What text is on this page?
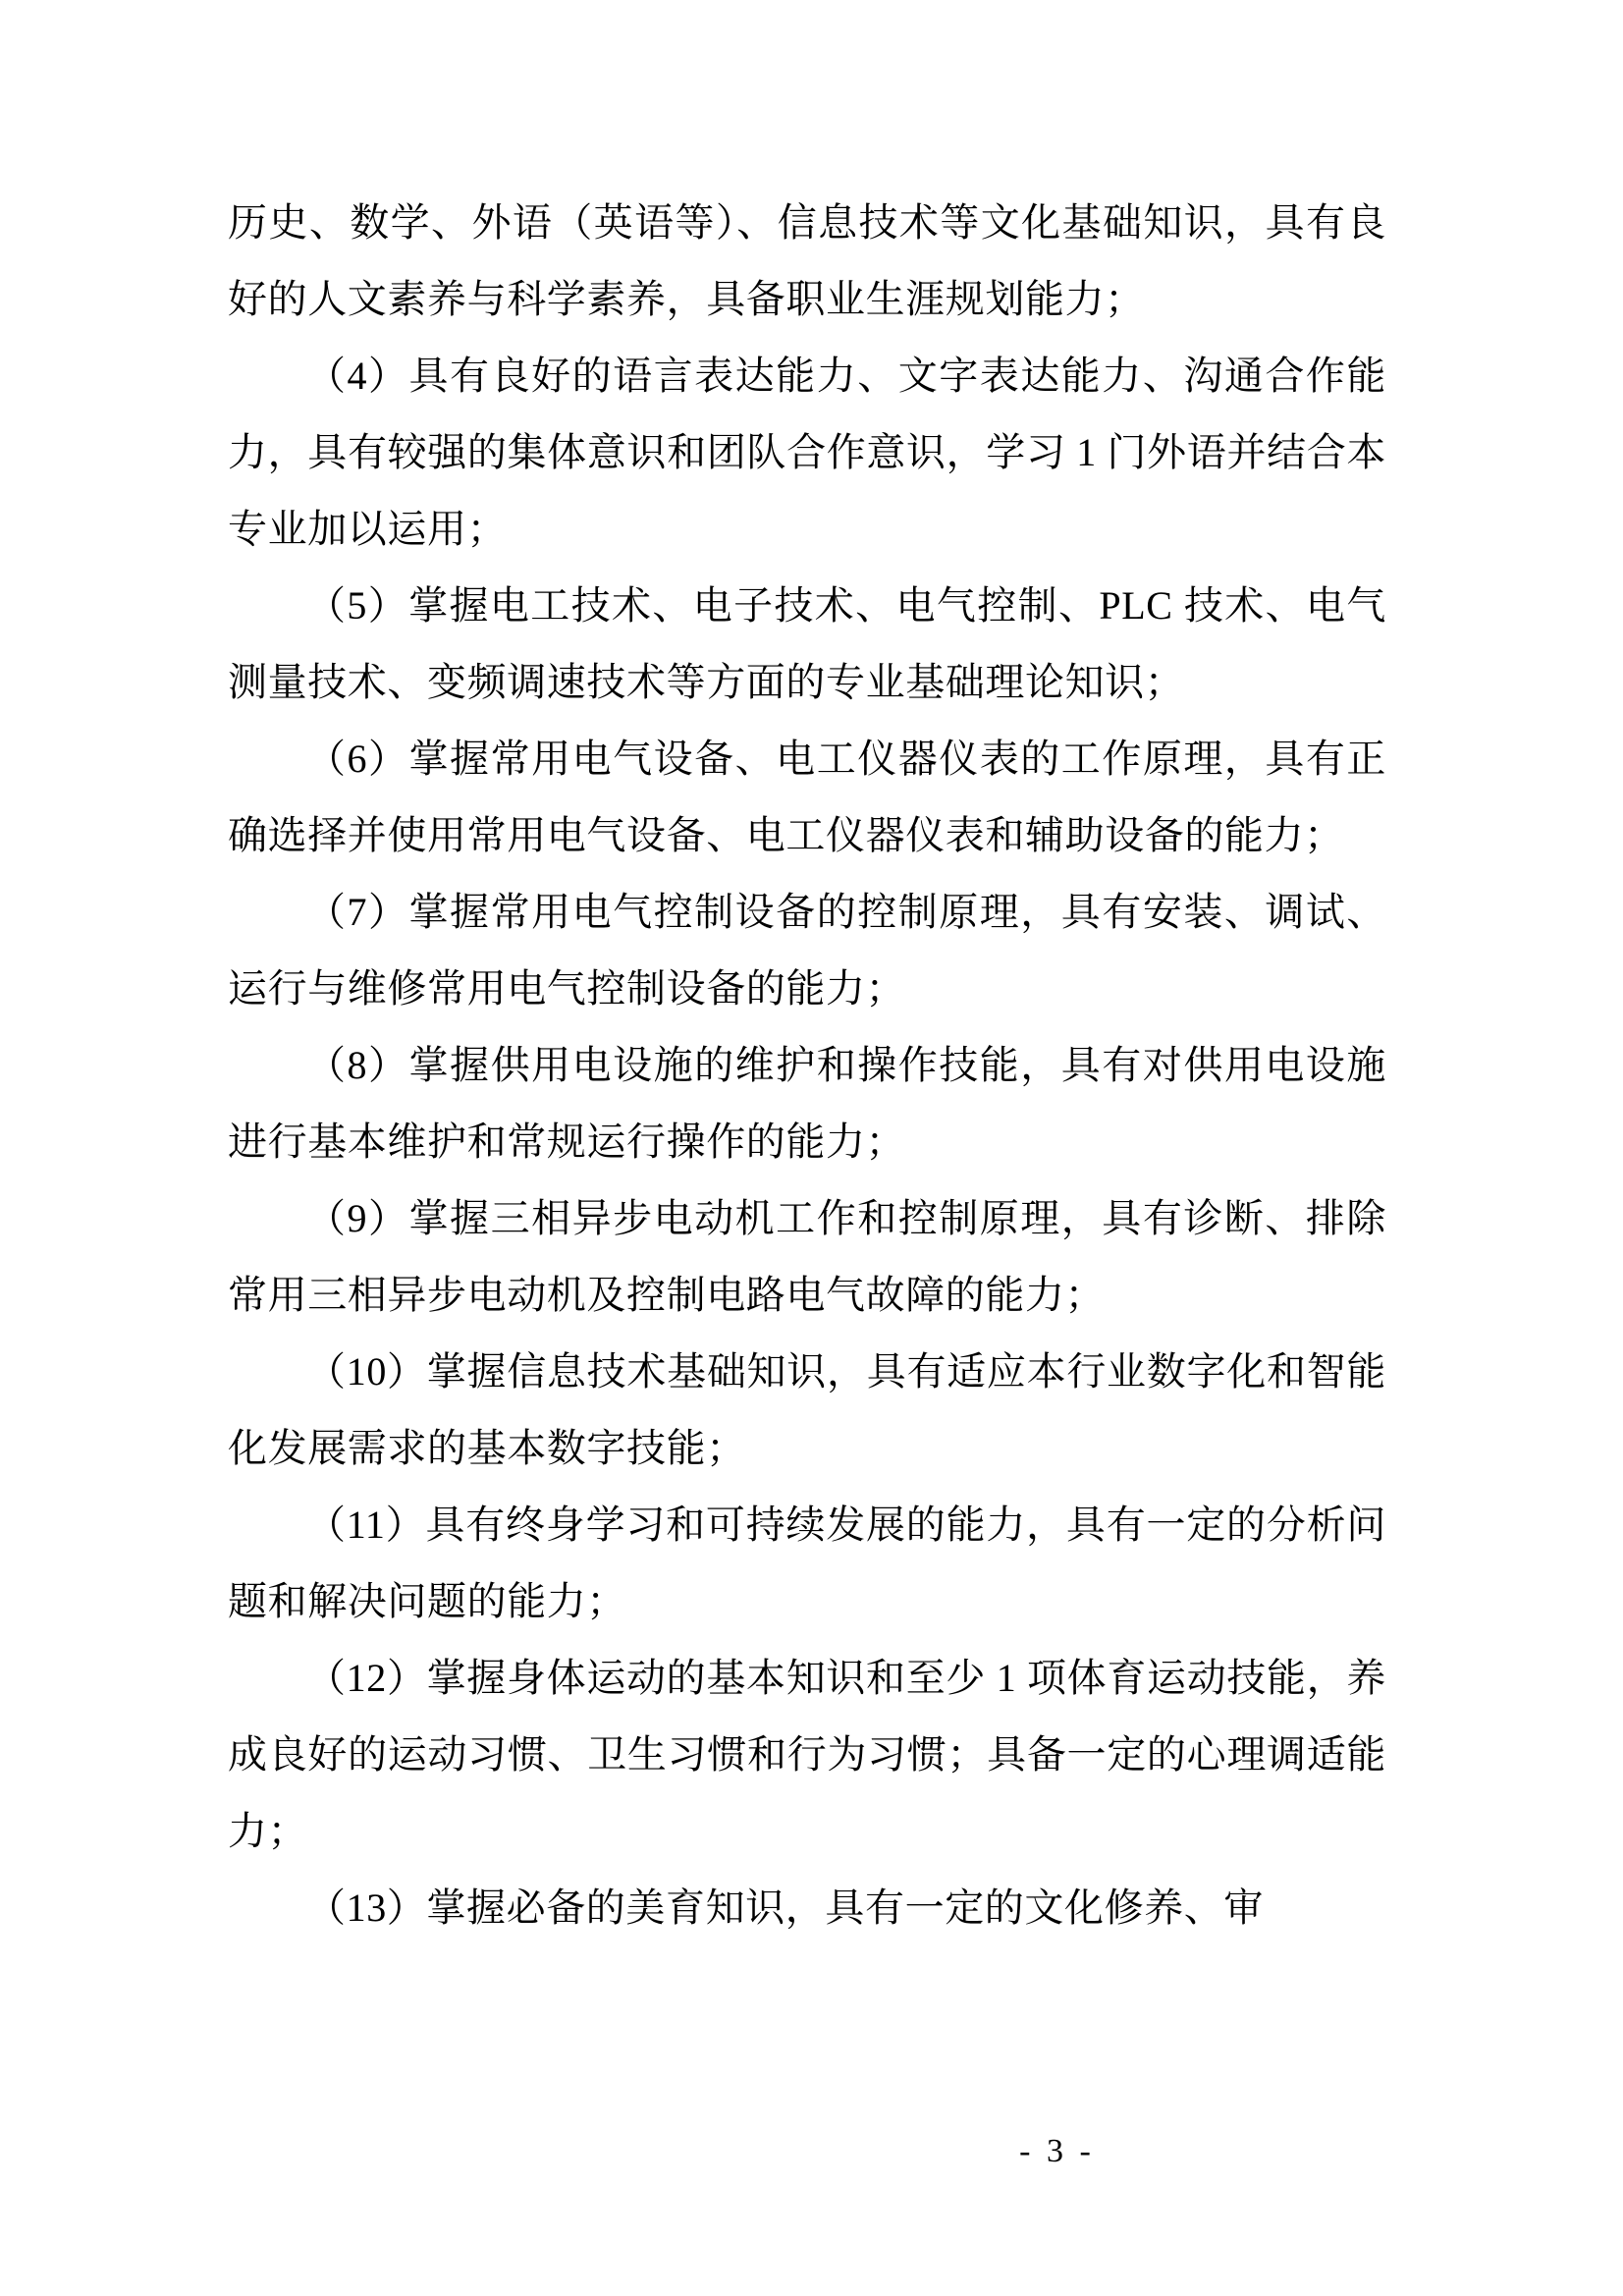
历史、数学、外语（英语等）、信息技术等文化基础知识，具有良好的人文素养与科学素养，具备职业生涯规划能力；

（4）具有良好的语言表达能力、文字表达能力、沟通合作能力，具有较强的集体意识和团队合作意识，学习 1 门外语并结合本专业加以运用；

（5）掌握电工技术、电子技术、电气控制、PLC 技术、电气测量技术、变频调速技术等方面的专业基础理论知识；

（6）掌握常用电气设备、电工仪器仪表的工作原理，具有正确选择并使用常用电气设备、电工仪器仪表和辅助设备的能力；

（7）掌握常用电气控制设备的控制原理，具有安装、调试、运行与维修常用电气控制设备的能力；

（8）掌握供用电设施的维护和操作技能，具有对供用电设施进行基本维护和常规运行操作的能力；

（9）掌握三相异步电动机工作和控制原理，具有诊断、排除常用三相异步电动机及控制电路电气故障的能力；

（10）掌握信息技术基础知识，具有适应本行业数字化和智能化发展需求的基本数字技能；

（11）具有终身学习和可持续发展的能力，具有一定的分析问题和解决问题的能力；

（12）掌握身体运动的基本知识和至少 1 项体育运动技能，养成良好的运动习惯、卫生习惯和行为习惯；具备一定的心理调适能力；

（13）掌握必备的美育知识，具有一定的文化修养、审

- 3 -
